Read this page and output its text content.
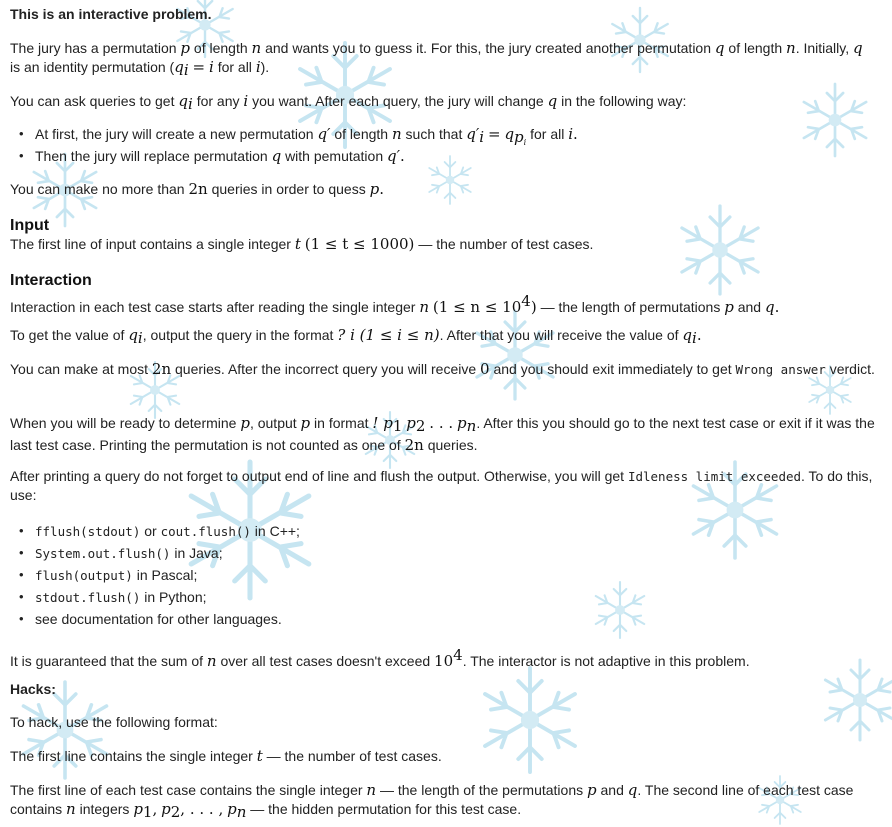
This is an interactive problem.

The jury has a permutation p of length n and wants you to guess it. For this, the jury created another permutation q of length n. Initially, q is an identity permutation ($q_i = i$ for all i).

You can ask queries to get $q_i$ for any i you want. After each query, the jury will change q in the following way:

• At first, the jury will create a new permutation q′ of length n such that $q'_i = q_{p_i}$ for all i.
• Then the jury will replace permutation q with pemutation q′.

You can make no more than 2n queries in order to quess p.

Input

The first line of input contains a single integer t (1 ≤ t ≤ 1000) — the number of test cases.

Interaction

Interaction in each test case starts after reading the single integer n $(1 \le n \le 10^4)$ — the length of permutations p and q.

To get the value of $q_i$, output the query in the format ? i (1 ≤ i ≤ n). After that you will receive the value of $q_i$.

You can make at most 2n queries. After the incorrect query you will receive 0 and you should exit immediately to get Wrong answer verdict.

When you will be ready to determine p, output p in format ! $p_1$ $p_2$ . . . $p_n$. After this you should go to the next test case or exit if it was the last test case. Printing the permutation is not counted as one of 2n queries.

After printing a query do not forget to output end of line and flush the output. Otherwise, you will get Idleness limit exceeded. To do this, use:

• fflush(stdout) or cout.flush() in C++;
• System.out.flush() in Java;
• flush(output) in Pascal;
• stdout.flush() in Python;
• see documentation for other languages.

It is guaranteed that the sum of n over all test cases doesn't exceed $10^4$. The interactor is not adaptive in this problem.

Hacks:

To hack, use the following format:

The first line contains the single integer t — the number of test cases.

The first line of each test case contains the single integer n — the length of the permutations p and q. The second line of each test case contains n integers $p_1$, $p_2$, . . . , $p_n$ — the hidden permutation for this test case.
